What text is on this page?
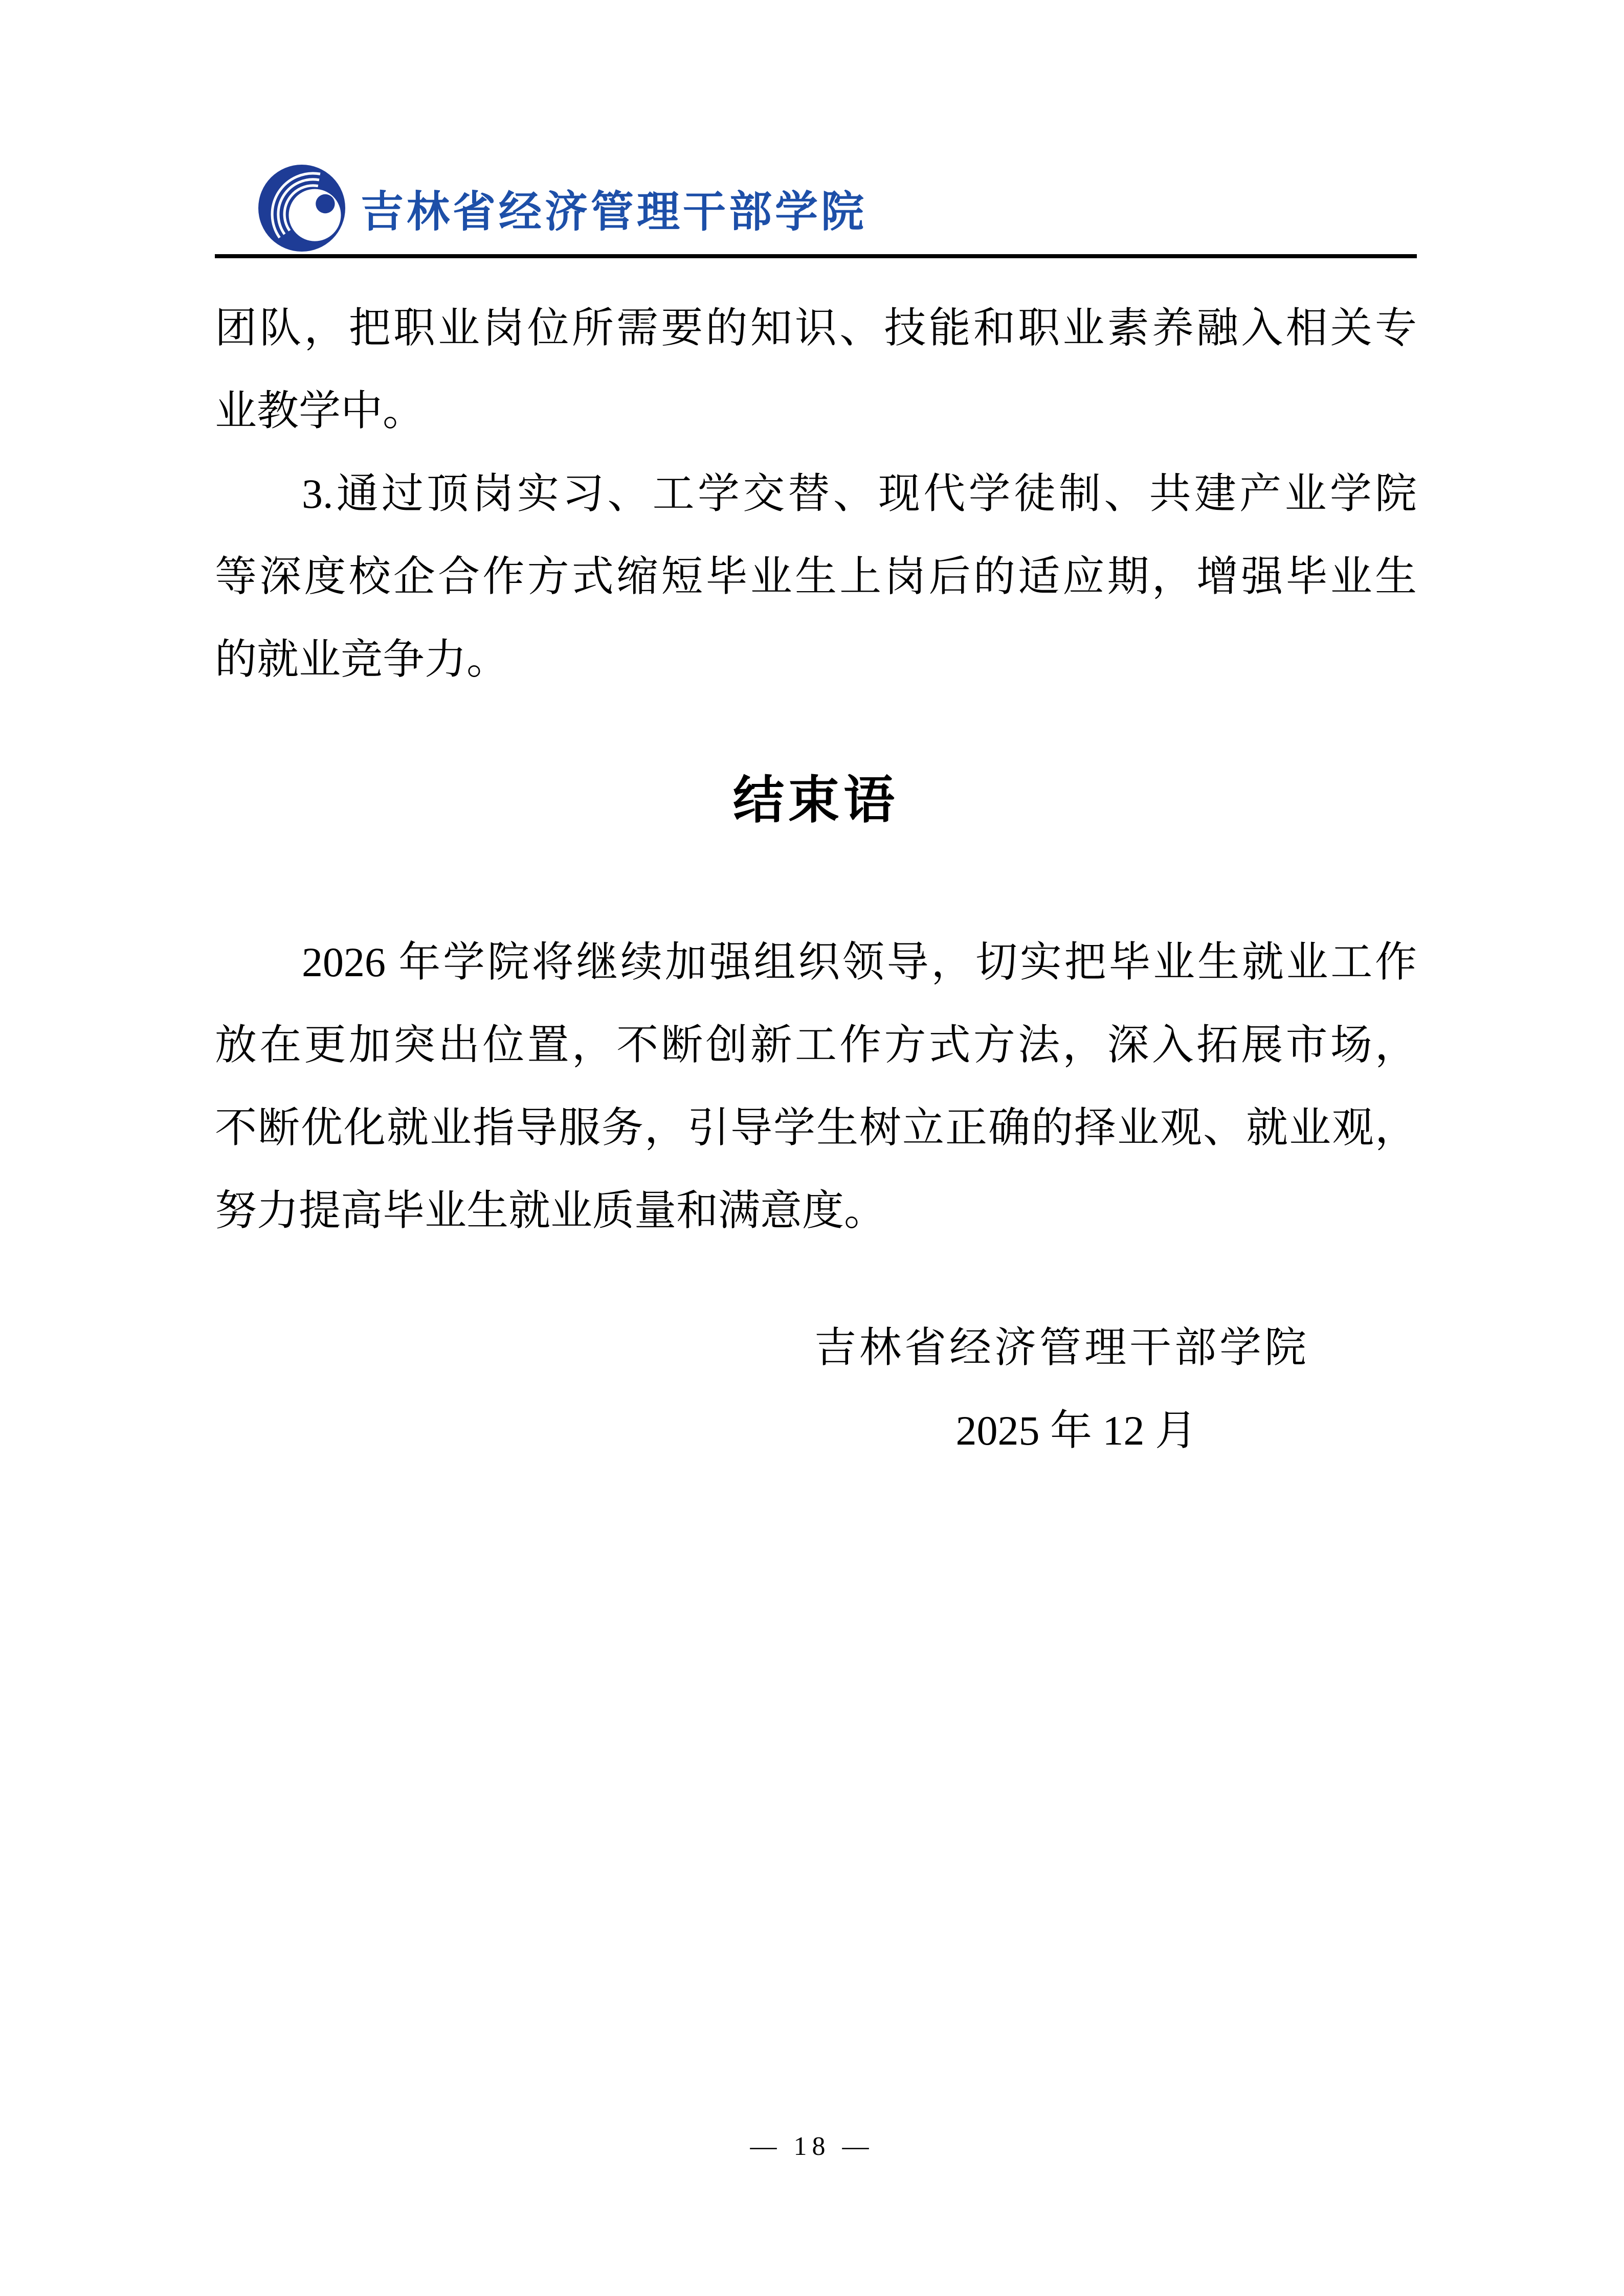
吉林省经济管理干部学院

团队，把职业岗位所需要的知识、技能和职业素养融入相关专
业教学中。

3.通过顶岗实习、工学交替、现代学徒制、共建产业学院
等深度校企合作方式缩短毕业生上岗后的适应期，增强毕业生
的就业竞争力。

结束语

2026 年学院将继续加强组织领导，切实把毕业生就业工作
放在更加突出位置，不断创新工作方式方法，深入拓展市场，
不断优化就业指导服务，引导学生树立正确的择业观、就业观，
努力提高毕业生就业质量和满意度。

吉林省经济管理干部学院
2025 年 12 月
— 18 —
